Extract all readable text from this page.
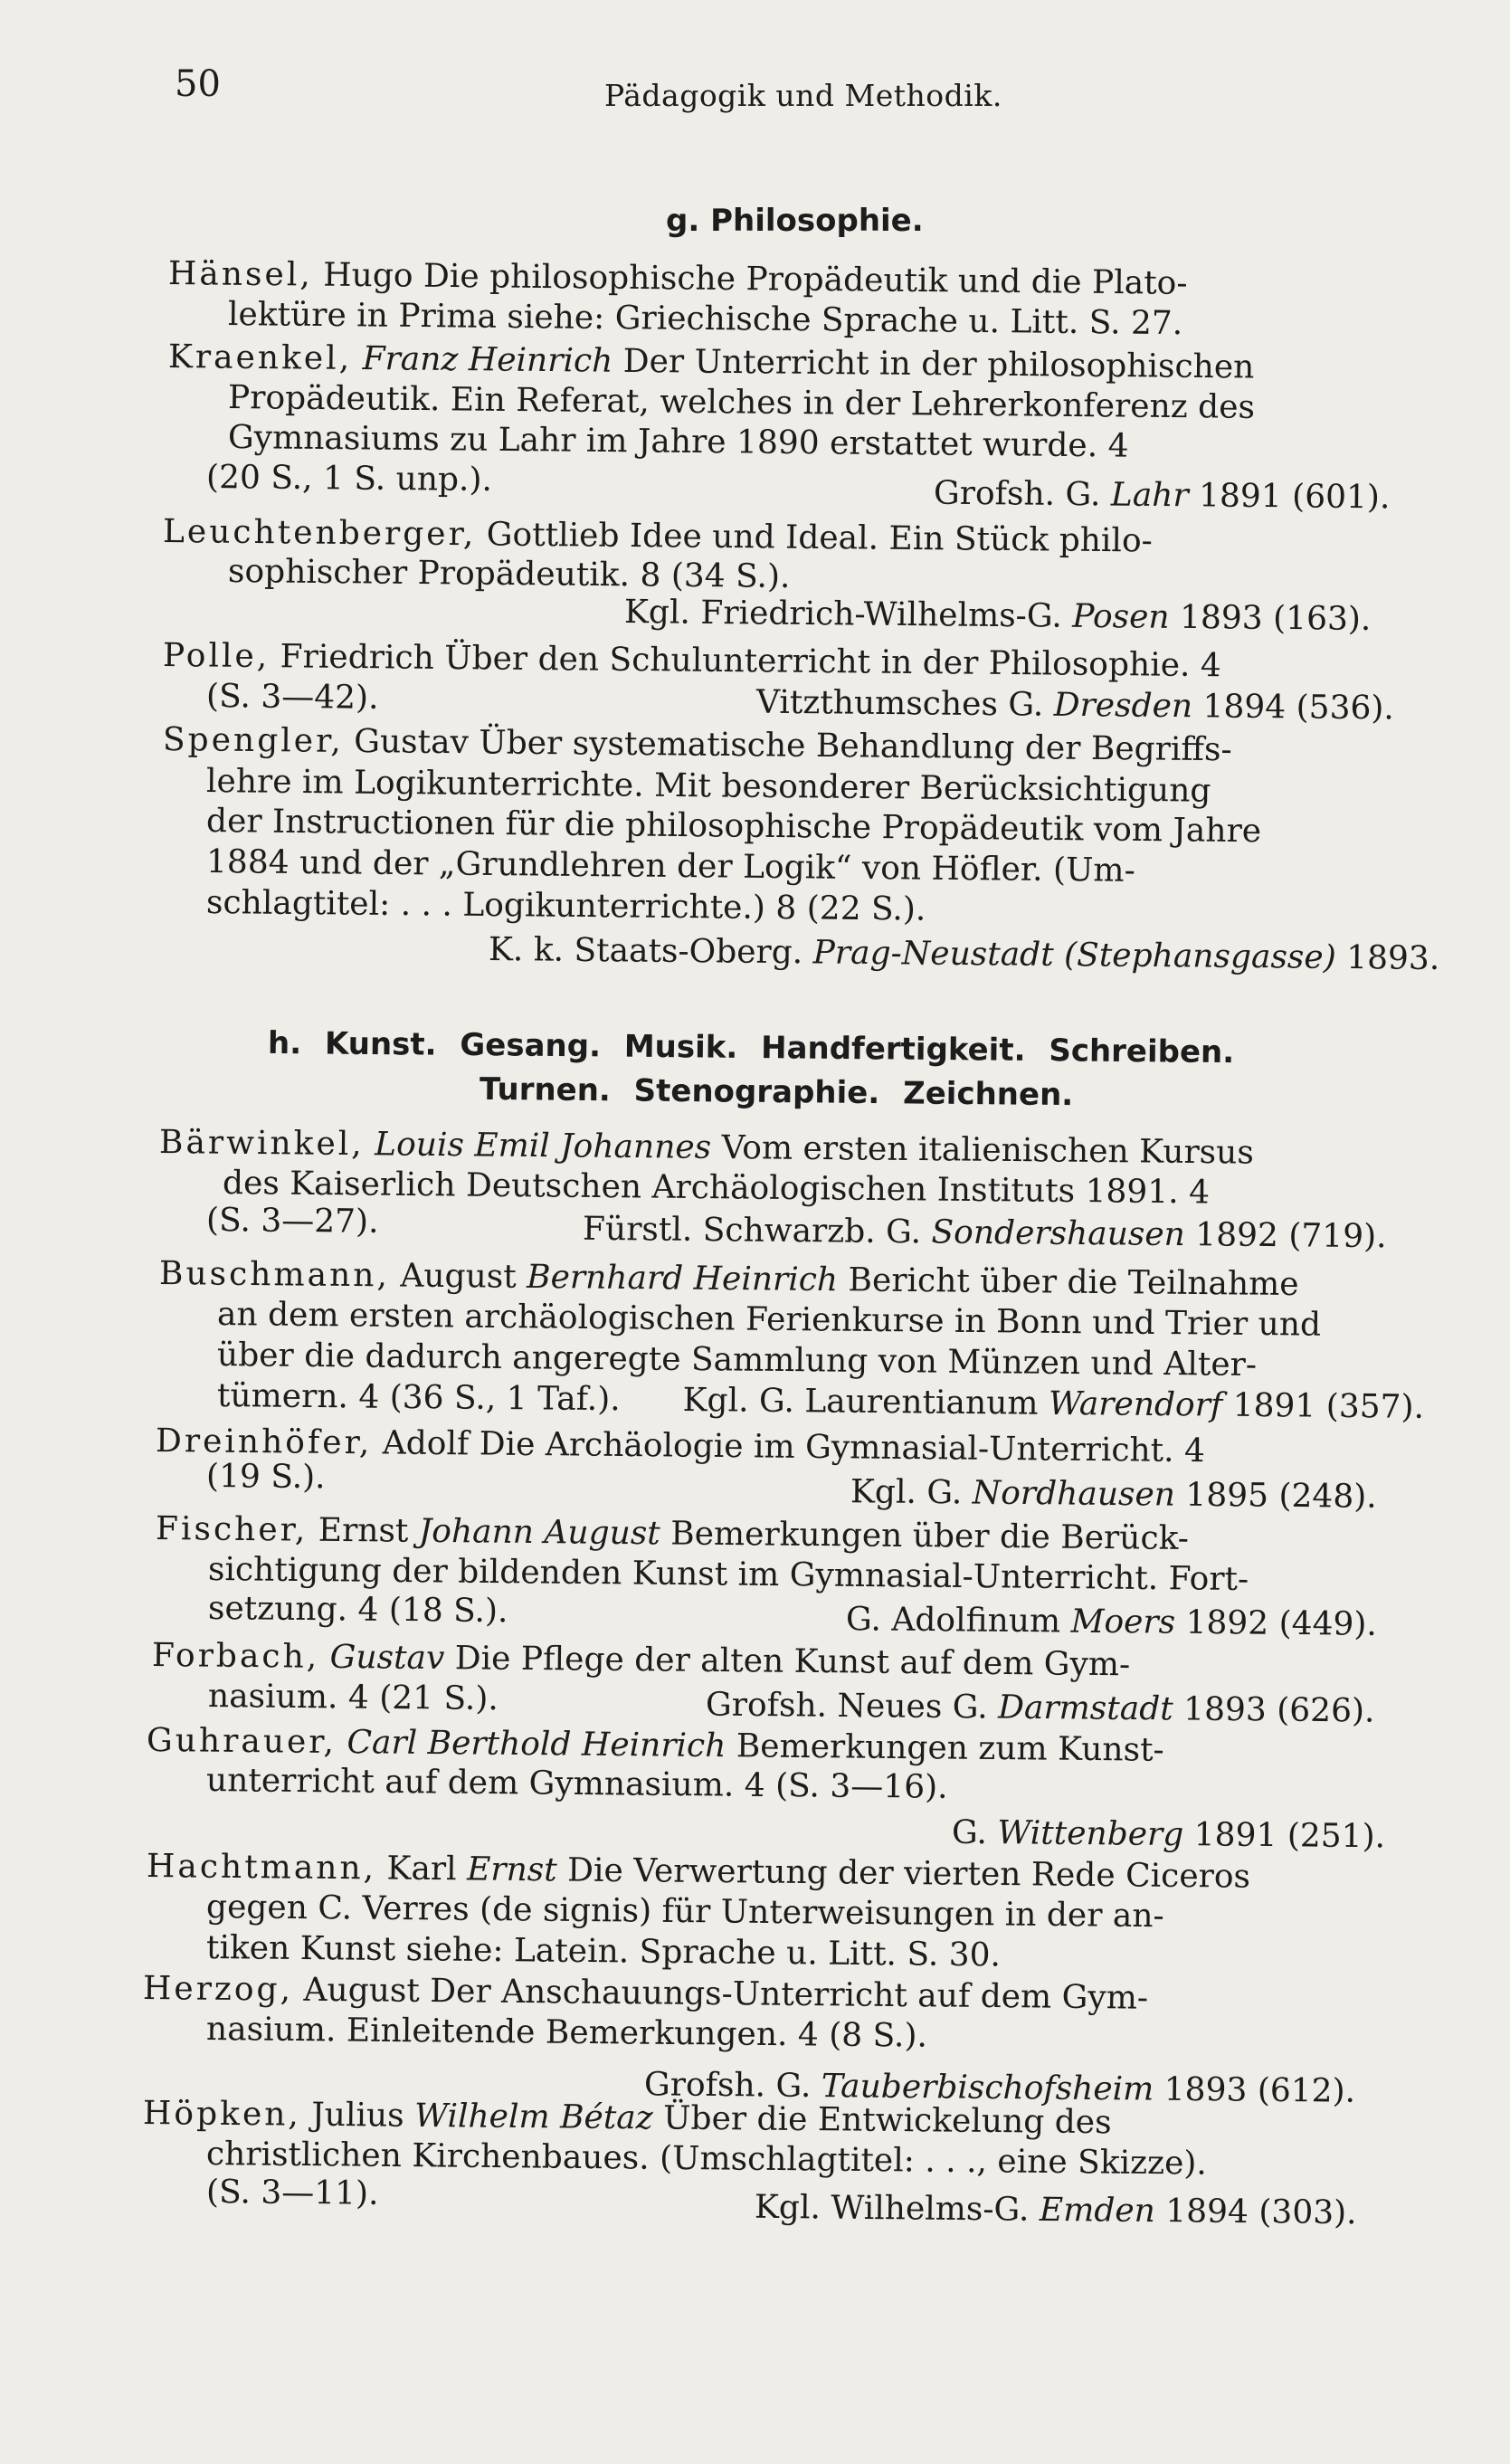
50	Pädagogik und Methodik.
g. Philosophie.
Hänsel, Hugo Die philosophische Propädeutik und die Plato-
lektüre in Prima siehe: Griechische Sprache u. Litt. S. 27.
Kraenkel, Franz Heinrich Der Unterricht in der philosophischen
Propädeutik. Ein Referat, welches in der Lehrerkonferenz des
Gymnasiums zu Lahr im Jahre 1890 erstattet wurde. 4
(20 S., 1 S. unp.).	Grofsh. G. Lahr 1891 (601).
Leuchtenberger, Gottlieb Idee und Ideal. Ein Stück philo-
sophischer Propädeutik. 8 (34 S.).
Kgl. Friedrich-Wilhelms-G. Posen 1893 (163).
Polle, Friedrich Über den Schulunterricht in der Philosophie. 4
(S. 3—42).	Vitzthumsches G. Dresden 1894 (536).
Spengler, Gustav Über systematische Behandlung der Begriffs-
lehre im Logikunterrichte. Mit besonderer Berücksichtigung
der Instructionen für die philosophische Propädeutik vom Jahre
1884 und der „Grundlehren der Logik“ von Höfler. (Um-
schlagtitel: . . . Logikunterrichte.) 8 (22 S.).
K. k. Staats-Oberg. Prag-Neustadt (Stephansgasse) 1893.
h. Kunst. Gesang. Musik. Handfertigkeit. Schreiben.
Turnen. Stenographie. Zeichnen.
Bärwinkel, Louis Emil Johannes Vom ersten italienischen Kursus
des Kaiserlich Deutschen Archäologischen Instituts 1891. 4
(S. 3—27).	Fürstl. Schwarzb. G. Sondershausen 1892 (719).
Buschmann, August Bernhard Heinrich Bericht über die Teilnahme
an dem ersten archäologischen Ferienkurse in Bonn und Trier und
über die dadurch angeregte Sammlung von Münzen und Alter-
tümern. 4 (36 S., 1 Taf.). Kgl. G. Laurentianum Warendorf 1891 (357).
Dreinhöfer, Adolf Die Archäologie im Gymnasial-Unterricht. 4
(19 S.).	Kgl. G. Nordhausen 1895 (248).
Fischer, Ernst Johann August Bemerkungen über die Berück-
sichtigung der bildenden Kunst im Gymnasial-Unterricht. Fort-
setzung. 4 (18 S.).	G. Adolfinum Moers 1892 (449).
Forbach, Gustav Die Pflege der alten Kunst auf dem Gym-
nasium. 4 (21 S.).	Grofsh. Neues G. Darmstadt 1893 (626).
Guhrauer, Carl Berthold Heinrich Bemerkungen zum Kunst-
unterricht auf dem Gymnasium. 4 (S. 3—16).
G. Wittenberg 1891 (251).
Hachtmann, Karl Ernst Die Verwertung der vierten Rede Ciceros
gegen C. Verres (de signis) für Unterweisungen in der an-
tiken Kunst siehe: Latein. Sprache u. Litt. S. 30.
Herzog, August Der Anschauungs-Unterricht auf dem Gym-
nasium. Einleitende Bemerkungen. 4 (8 S.).
Grofsh. G. Tauberbischofsheim 1893 (612).
Höpken, Julius Wilhelm Bétaz Über die Entwickelung des
christlichen Kirchenbaues. (Umschlagtitel: . . ., eine Skizze).
(S. 3—11).	Kgl. Wilhelms-G. Emden 1894 (303).
